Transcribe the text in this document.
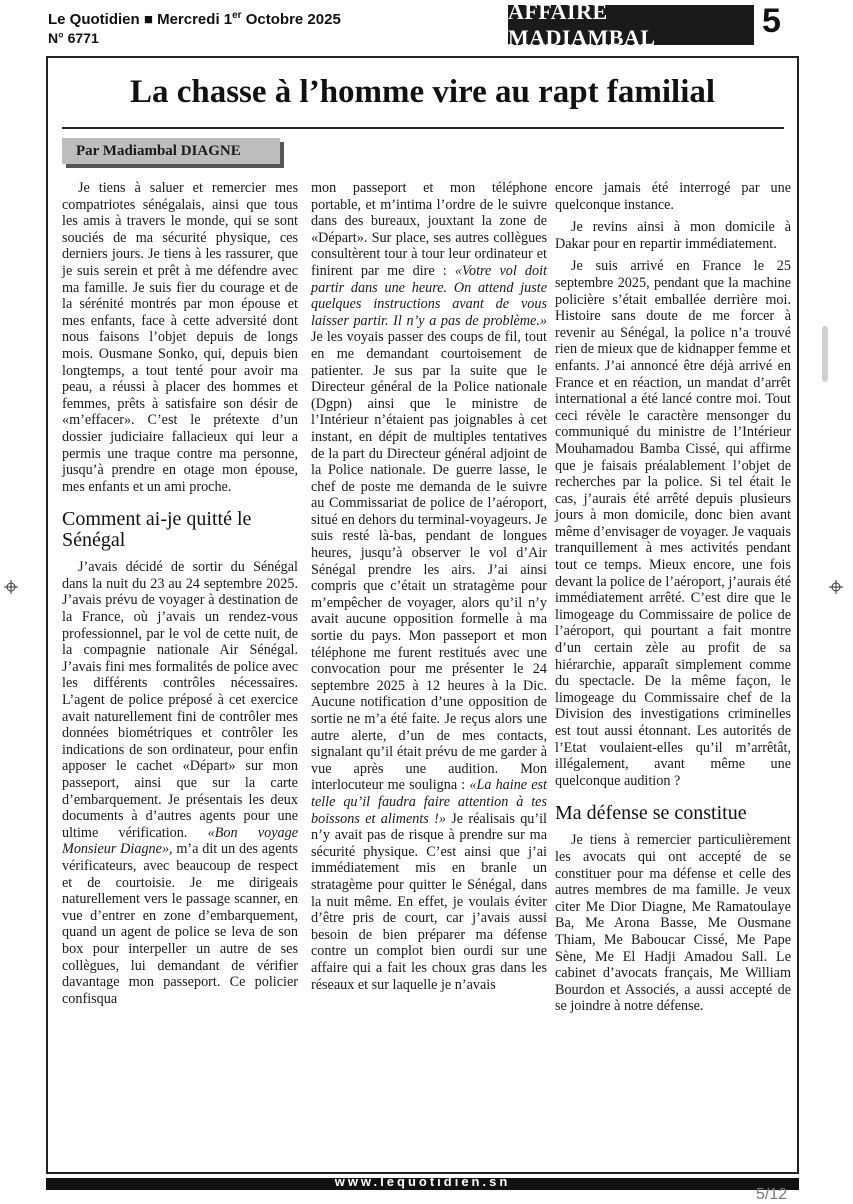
Le Quotidien ■ Mercredi 1er Octobre 2025
N° 6771
AFFAIRE MADIAMBAL	5
La chasse à l’homme vire au rapt familial
Par Madiambal DIAGNE

Je tiens à saluer et remercier mes compatriotes sénégalais, ainsi que tous les amis à travers le monde, qui se sont souciés de ma sécurité physique, ces derniers jours. Je tiens à les rassurer, que je suis serein et prêt à me défendre avec ma famille. Je suis fier du courage et de la sérénité montrés par mon épouse et mes enfants, face à cette adversité dont nous faisons l’objet depuis de longs mois. Ousmane Sonko, qui, depuis bien longtemps, a tout tenté pour avoir ma peau, a réussi à placer des hommes et femmes, prêts à satisfaire son désir de «m’effacer». C’est le prétexte d’un dossier judiciaire fallacieux qui leur a permis une traque contre ma personne, jusqu’à prendre en otage mon épouse, mes enfants et un ami proche.

Comment ai-je quitté le Sénégal

J’avais décidé de sortir du Sénégal dans la nuit du 23 au 24 septembre 2025. J’avais prévu de voyager à destination de la France, où j’avais un rendez-vous professionnel, par le vol de cette nuit, de la compagnie nationale Air Sénégal. J’avais fini mes formalités de police avec les différents contrôles nécessaires. L’agent de police préposé à cet exercice avait naturellement fini de contrôler mes données biométriques et contrôler les indications de son ordinateur, pour enfin apposer le cachet «Départ» sur mon passeport, ainsi que sur la carte d’embarquement. Je présentais les deux documents à d’autres agents pour une ultime vérification. «Bon voyage Monsieur Diagne», m’a dit un des agents vérificateurs, avec beaucoup de respect et de courtoisie. Je me dirigeais naturellement vers le passage scanner, en vue d’entrer en zone d’embarquement, quand un agent de police se leva de son box pour interpeller un autre de ses collègues, lui demandant de vérifier davantage mon passeport. Ce policier confisqua

mon passeport et mon téléphone portable, et m’intima l’ordre de le suivre dans des bureaux, jouxtant la zone de «Départ». Sur place, ses autres collègues consultèrent tour à tour leur ordinateur et finirent par me dire : «Votre vol doit partir dans une heure. On attend juste quelques instructions avant de vous laisser partir. Il n’y a pas de problème.» Je les voyais passer des coups de fil, tout en me demandant courtoisement de patienter. Je sus par la suite que le Directeur général de la Police nationale (Dgpn) ainsi que le ministre de l’Intérieur n’étaient pas joignables à cet instant, en dépit de multiples tentatives de la part du Directeur général adjoint de la Police nationale. De guerre lasse, le chef de poste me demanda de le suivre au Commissariat de police de l’aéroport, situé en dehors du terminal-voyageurs. Je suis resté là-bas, pendant de longues heures, jusqu’à observer le vol d’Air Sénégal prendre les airs. J’ai ainsi compris que c’était un stratagème pour m’empêcher de voyager, alors qu’il n’y avait aucune opposition formelle à ma sortie du pays. Mon passeport et mon téléphone me furent restitués avec une convocation pour me présenter le 24 septembre 2025 à 12 heures à la Dic. Aucune notification d’une opposition de sortie ne m’a été faite. Je reçus alors une autre alerte, d’un de mes contacts, signalant qu’il était prévu de me garder à vue après une audition. Mon interlocuteur me souligna : «La haine est telle qu’il faudra faire attention à tes boissons et aliments !» Je réalisais qu’il n’y avait pas de risque à prendre sur ma sécurité physique. C’est ainsi que j’ai immédiatement mis en branle un stratagème pour quitter le Sénégal, dans la nuit même. En effet, je voulais éviter d’être pris de court, car j’avais aussi besoin de bien préparer ma défense contre un complot bien ourdi sur une affaire qui a fait les choux gras dans les réseaux et sur laquelle je n’avais

encore jamais été interrogé par une quelconque instance.

Je revins ainsi à mon domicile à Dakar pour en repartir immédiatement.

Je suis arrivé en France le 25 septembre 2025, pendant que la machine policière s’était emballée derrière moi. Histoire sans doute de me forcer à revenir au Sénégal, la police n’a trouvé rien de mieux que de kidnapper femme et enfants. J’ai annoncé être déjà arrivé en France et en réaction, un mandat d’arrêt international a été lancé contre moi. Tout ceci révèle le caractère mensonger du communiqué du ministre de l’Intérieur Mouhamadou Bamba Cissé, qui affirme que je faisais préalablement l’objet de recherches par la police. Si tel était le cas, j’aurais été arrêté depuis plusieurs jours à mon domicile, donc bien avant même d’envisager de voyager. Je vaquais tranquillement à mes activités pendant tout ce temps. Mieux encore, une fois devant la police de l’aéroport, j’aurais été immédiatement arrêté. C’est dire que le limogeage du Commissaire de police de l’aéroport, qui pourtant a fait montre d’un certain zèle au profit de sa hiérarchie, apparaît simplement comme du spectacle. De la même façon, le limogeage du Commissaire chef de la Division des investigations criminelles est tout aussi étonnant. Les autorités de l’Etat voulaient-elles qu’il m’arrêtât, illégalement, avant même une quelconque audition ?

Ma défense se constitue

Je tiens à remercier particulièrement les avocats qui ont accepté de se constituer pour ma défense et celle des autres membres de ma famille. Je veux citer Me Dior Diagne, Me Ramatoulaye Ba, Me Arona Basse, Me Ousmane Thiam, Me Baboucar Cissé, Me Pape Sène, Me El Hadji Amadou Sall. Le cabinet d’avocats français, Me William Bourdon et Associés, a aussi accepté de se joindre à notre défense.

www.lequotidien.sn
5/12
